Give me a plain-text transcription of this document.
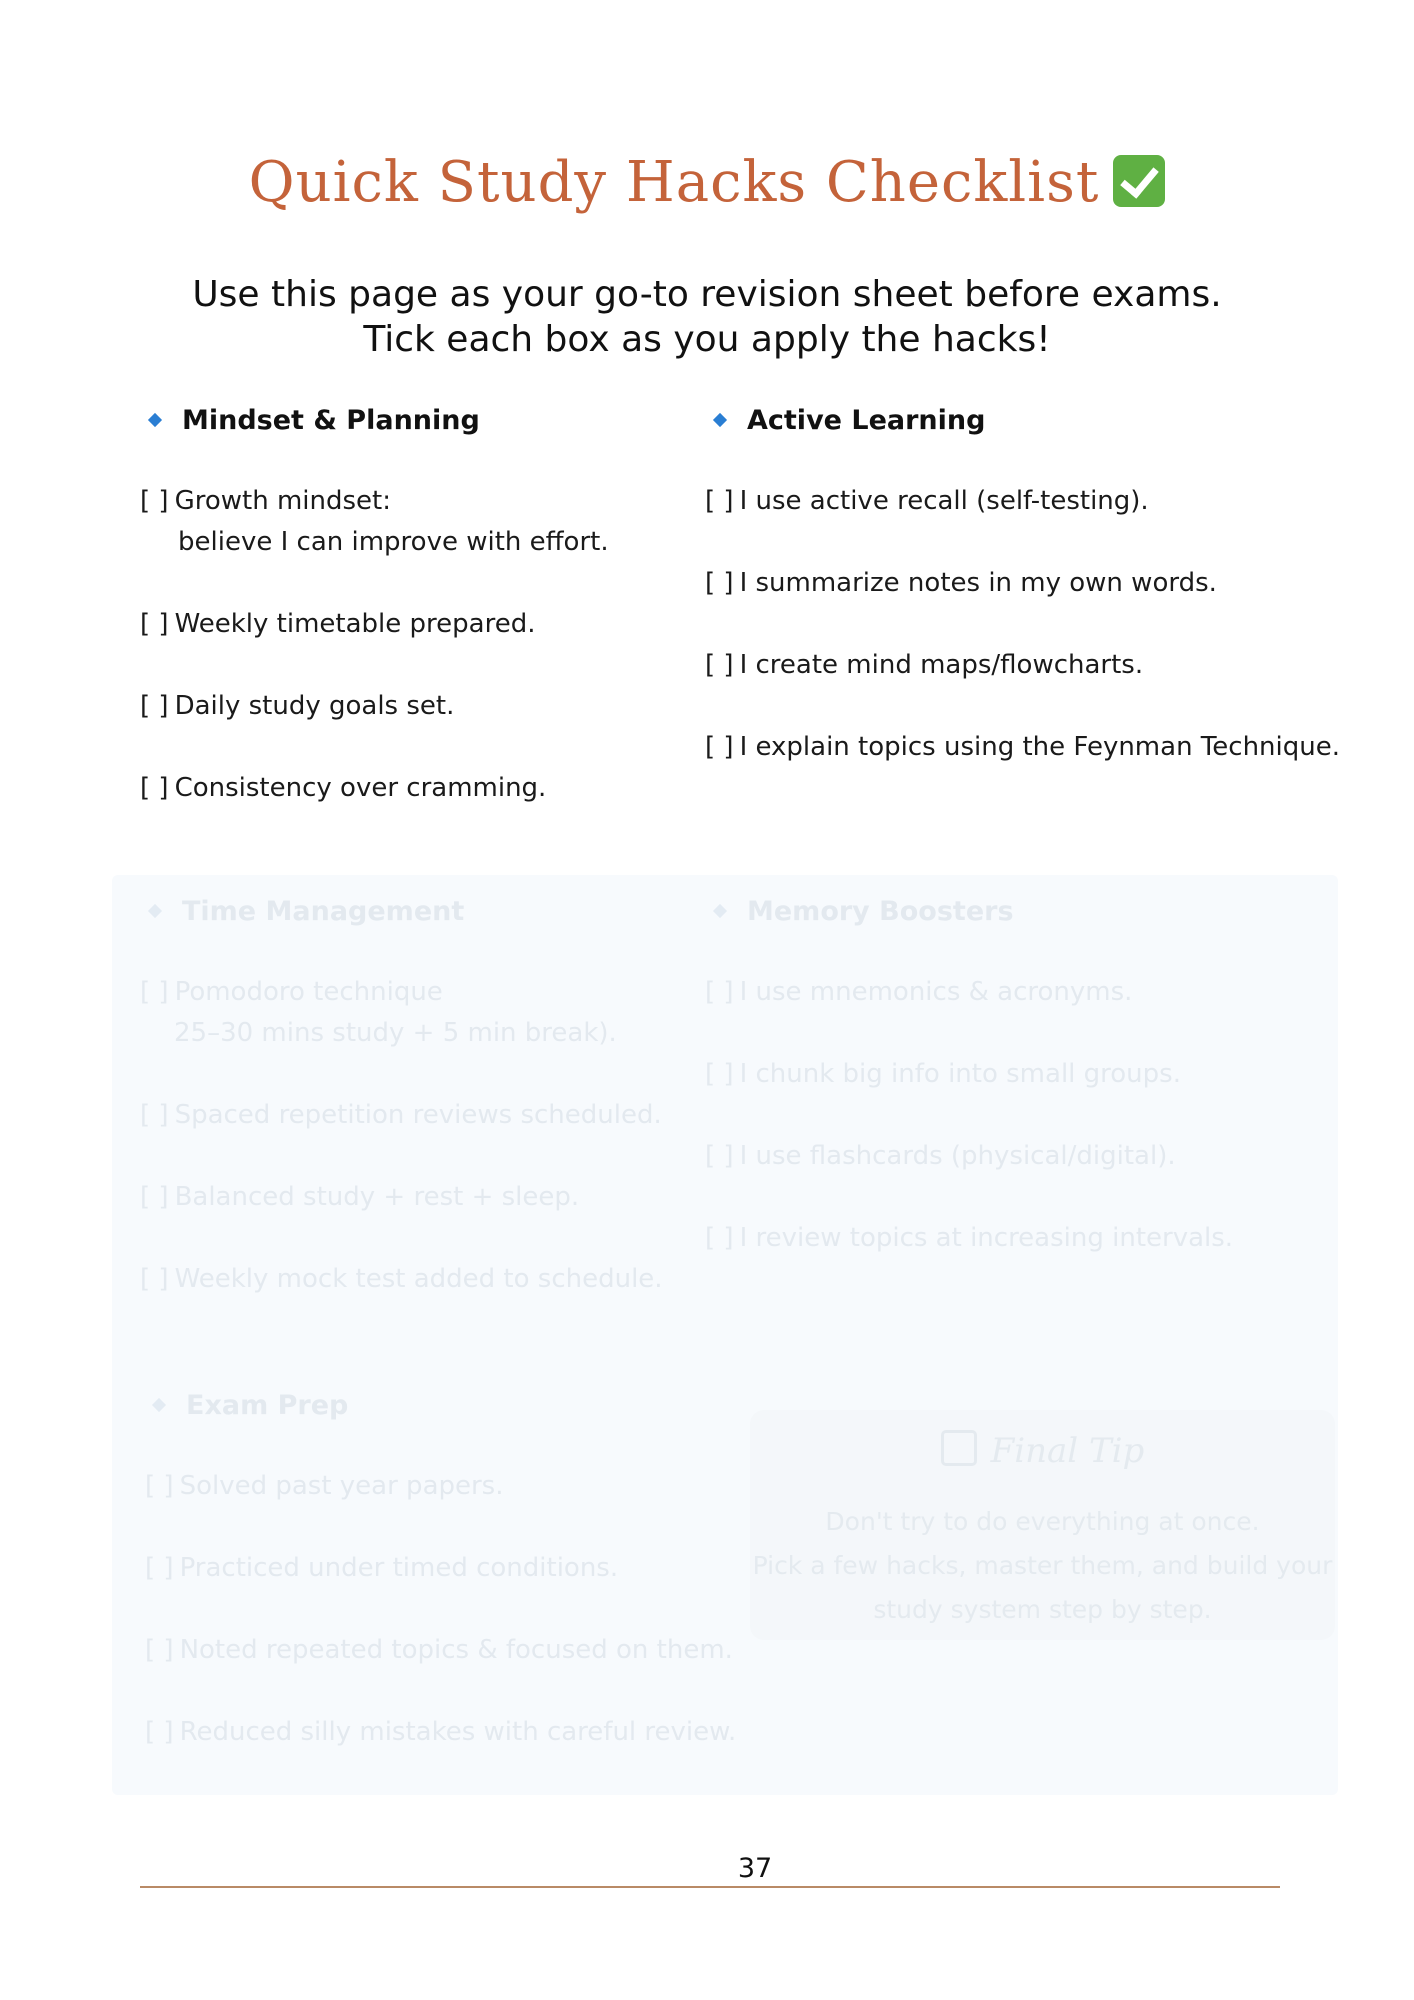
Quick Study Hacks Checklist
Use this page as your go-to revision sheet before exams.
Tick each box as you apply the hacks!
Mindset & Planning
[ ] Growth mindset:
believe I can improve with effort.
[ ] Weekly timetable prepared.
[ ] Daily study goals set.
[ ] Consistency over cramming.
Active Learning
[ ] I use active recall (self-testing).
[ ] I summarize notes in my own words.
[ ] I create mind maps/flowcharts.
[ ] I explain topics using the Feynman Technique.
Time Management
[ ] Pomodoro technique
25–30 mins study + 5 min break).
[ ] Spaced repetition reviews scheduled.
[ ] Balanced study + rest + sleep.
[ ] Weekly mock test added to schedule.
Memory Boosters
[ ] I use mnemonics & acronyms.
[ ] I chunk big info into small groups.
[ ] I use flashcards (physical/digital).
[ ] I review topics at increasing intervals.
Exam Prep
[ ] Solved past year papers.
[ ] Practiced under timed conditions.
[ ] Noted repeated topics & focused on them.
[ ] Reduced silly mistakes with careful review.
Final Tip
Don't try to do everything at once.
Pick a few hacks, master them, and build your
study system step by step.
37
